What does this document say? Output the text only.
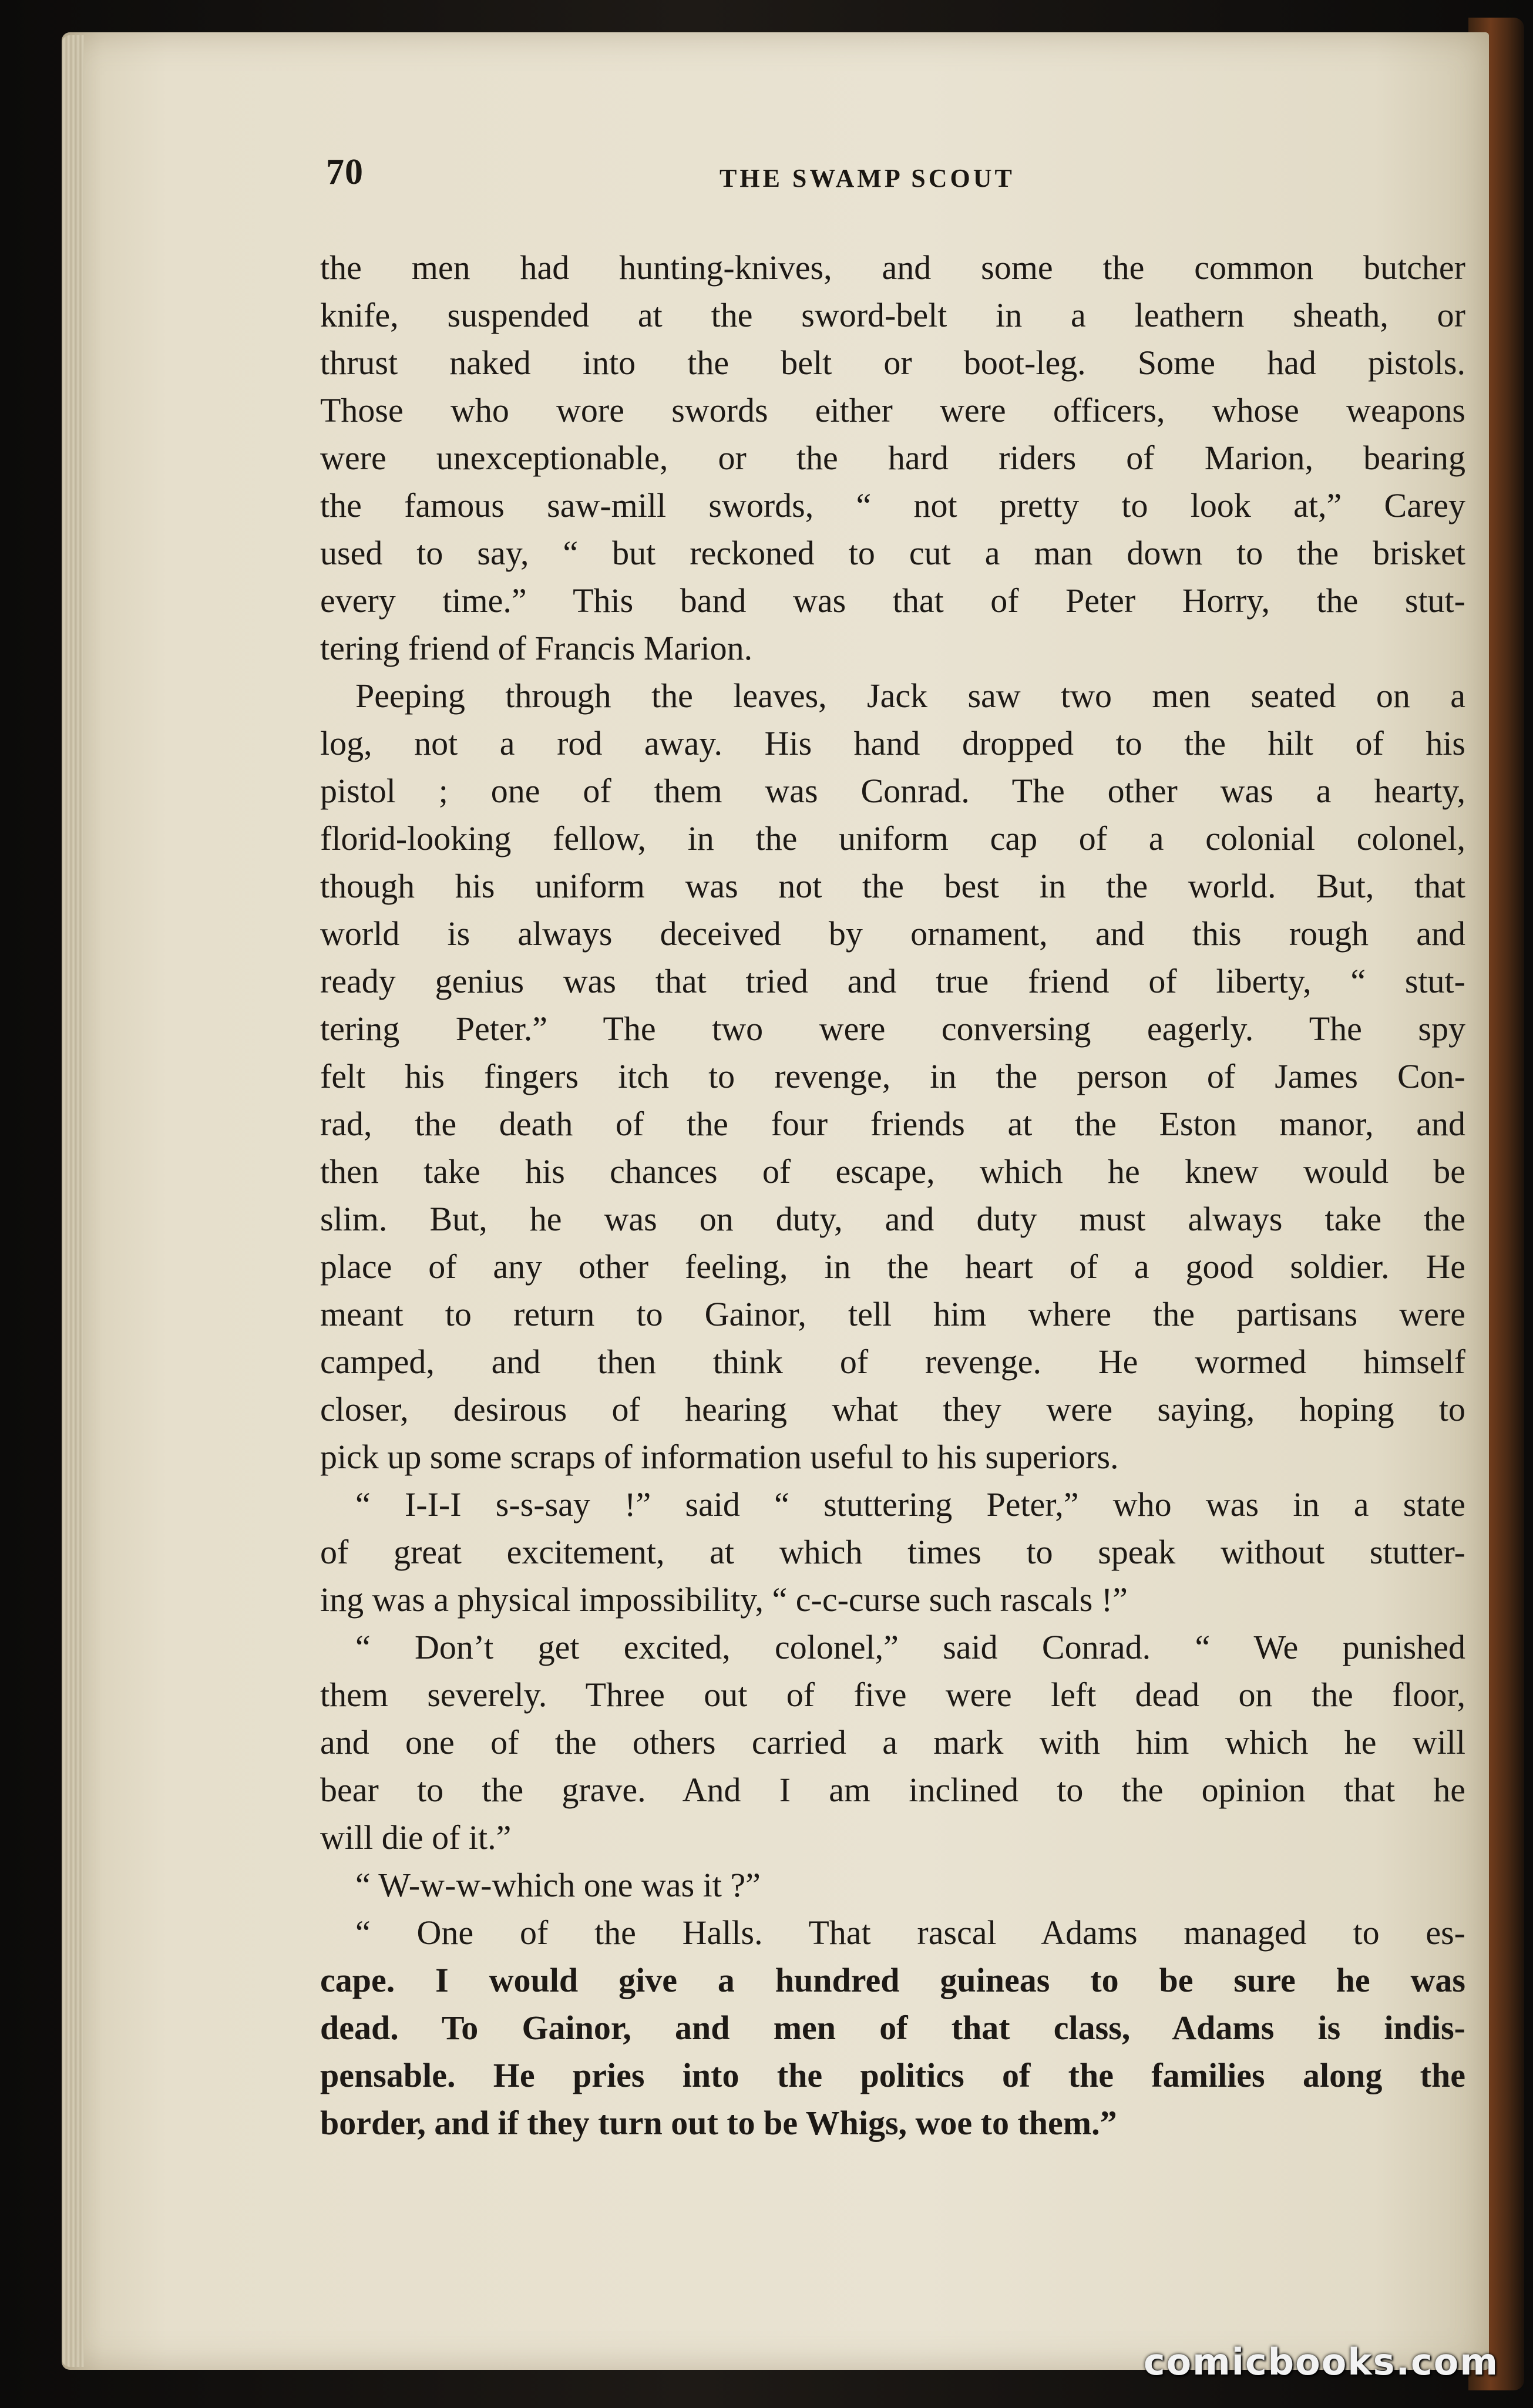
70	THE SWAMP SCOUT
the men had hunting-knives, and some the common butcher
knife, suspended at the sword-belt in a leathern sheath, or
thrust naked into the belt or boot-leg. Some had pistols.
Those who wore swords either were officers, whose weapons
were unexceptionable, or the hard riders of Marion, bearing
the famous saw-mill swords, “ not pretty to look at,” Carey
used to say, “ but reckoned to cut a man down to the brisket
every time.” This band was that of Peter Horry, the stut-
tering friend of Francis Marion.
Peeping through the leaves, Jack saw two men seated on a
log, not a rod away. His hand dropped to the hilt of his
pistol ; one of them was Conrad. The other was a hearty,
florid-looking fellow, in the uniform cap of a colonial colonel,
though his uniform was not the best in the world. But, that
world is always deceived by ornament, and this rough and
ready genius was that tried and true friend of liberty, “ stut-
tering Peter.” The two were conversing eagerly. The spy
felt his fingers itch to revenge, in the person of James Con-
rad, the death of the four friends at the Eston manor, and
then take his chances of escape, which he knew would be
slim. But, he was on duty, and duty must always take the
place of any other feeling, in the heart of a good soldier. He
meant to return to Gainor, tell him where the partisans were
camped, and then think of revenge. He wormed himself
closer, desirous of hearing what they were saying, hoping to
pick up some scraps of information useful to his superiors.
“ I-I-I s-s-say !” said “ stuttering Peter,” who was in a state
of great excitement, at which times to speak without stutter-
ing was a physical impossibility, “ c-c-curse such rascals !”
“ Don’t get excited, colonel,” said Conrad. “ We punished
them severely. Three out of five were left dead on the floor,
and one of the others carried a mark with him which he will
bear to the grave. And I am inclined to the opinion that he
will die of it.”
“ W-w-w-which one was it ?”
“ One of the Halls. That rascal Adams managed to es-
cape. I would give a hundred guineas to be sure he was
dead. To Gainor, and men of that class, Adams is indis-
pensable. He pries into the politics of the families along the
border, and if they turn out to be Whigs, woe to them.”
comicbooks.com
